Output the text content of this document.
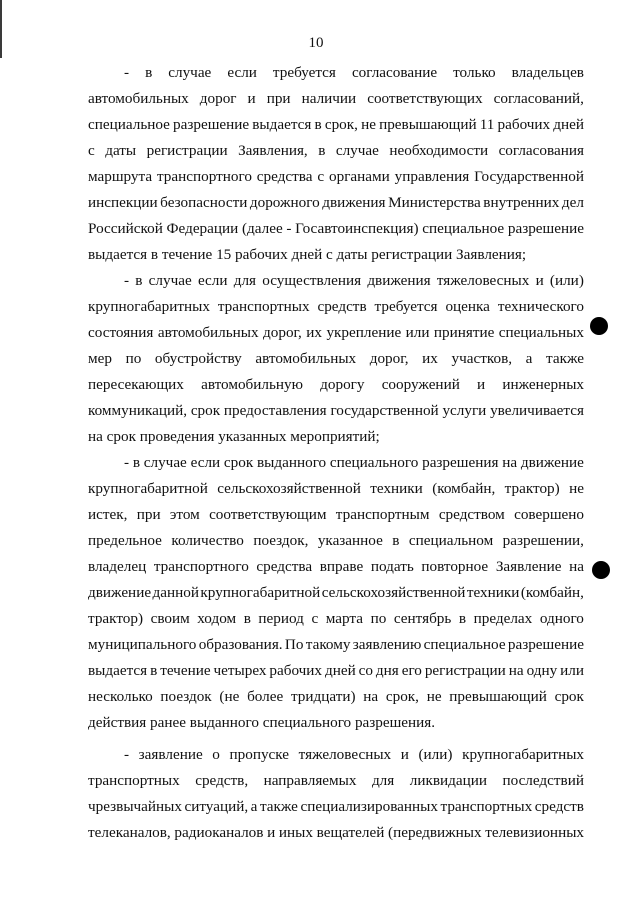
10
- в случае если требуется согласование только владельцев
автомобильных дорог и при наличии соответствующих согласований,
специальное разрешение выдается в срок, не превышающий 11 рабочих дней
с даты регистрации Заявления, в случае необходимости согласования
маршрута транспортного средства с органами управления Государственной
инспекции безопасности дорожного движения Министерства внутренних дел
Российской Федерации (далее - Госавтоинспекция) специальное разрешение
выдается в течение 15 рабочих дней с даты регистрации Заявления;
- в случае если для осуществления движения тяжеловесных и (или)
крупногабаритных транспортных средств требуется оценка технического
состояния автомобильных дорог, их укрепление или принятие специальных
мер по обустройству автомобильных дорог, их участков, а также
пересекающих автомобильную дорогу сооружений и инженерных
коммуникаций, срок предоставления государственной услуги увеличивается
на срок проведения указанных мероприятий;
- в случае если срок выданного специального разрешения на движение
крупногабаритной сельскохозяйственной техники (комбайн, трактор) не
истек, при этом соответствующим транспортным средством совершено
предельное количество поездок, указанное в специальном разрешении,
владелец транспортного средства вправе подать повторное Заявление на
движение данной крупногабаритной сельскохозяйственной техники (комбайн,
трактор) своим ходом в период с марта по сентябрь в пределах одного
муниципального образования. По такому заявлению специальное разрешение
выдается в течение четырех рабочих дней со дня его регистрации на одну или
несколько поездок (не более тридцати) на срок, не превышающий срок
действия ранее выданного специального разрешения.
- заявление о пропуске тяжеловесных и (или) крупногабаритных
транспортных средств, направляемых для ликвидации последствий
чрезвычайных ситуаций, а также специализированных транспортных средств
телеканалов, радиоканалов и иных вещателей (передвижных телевизионных
